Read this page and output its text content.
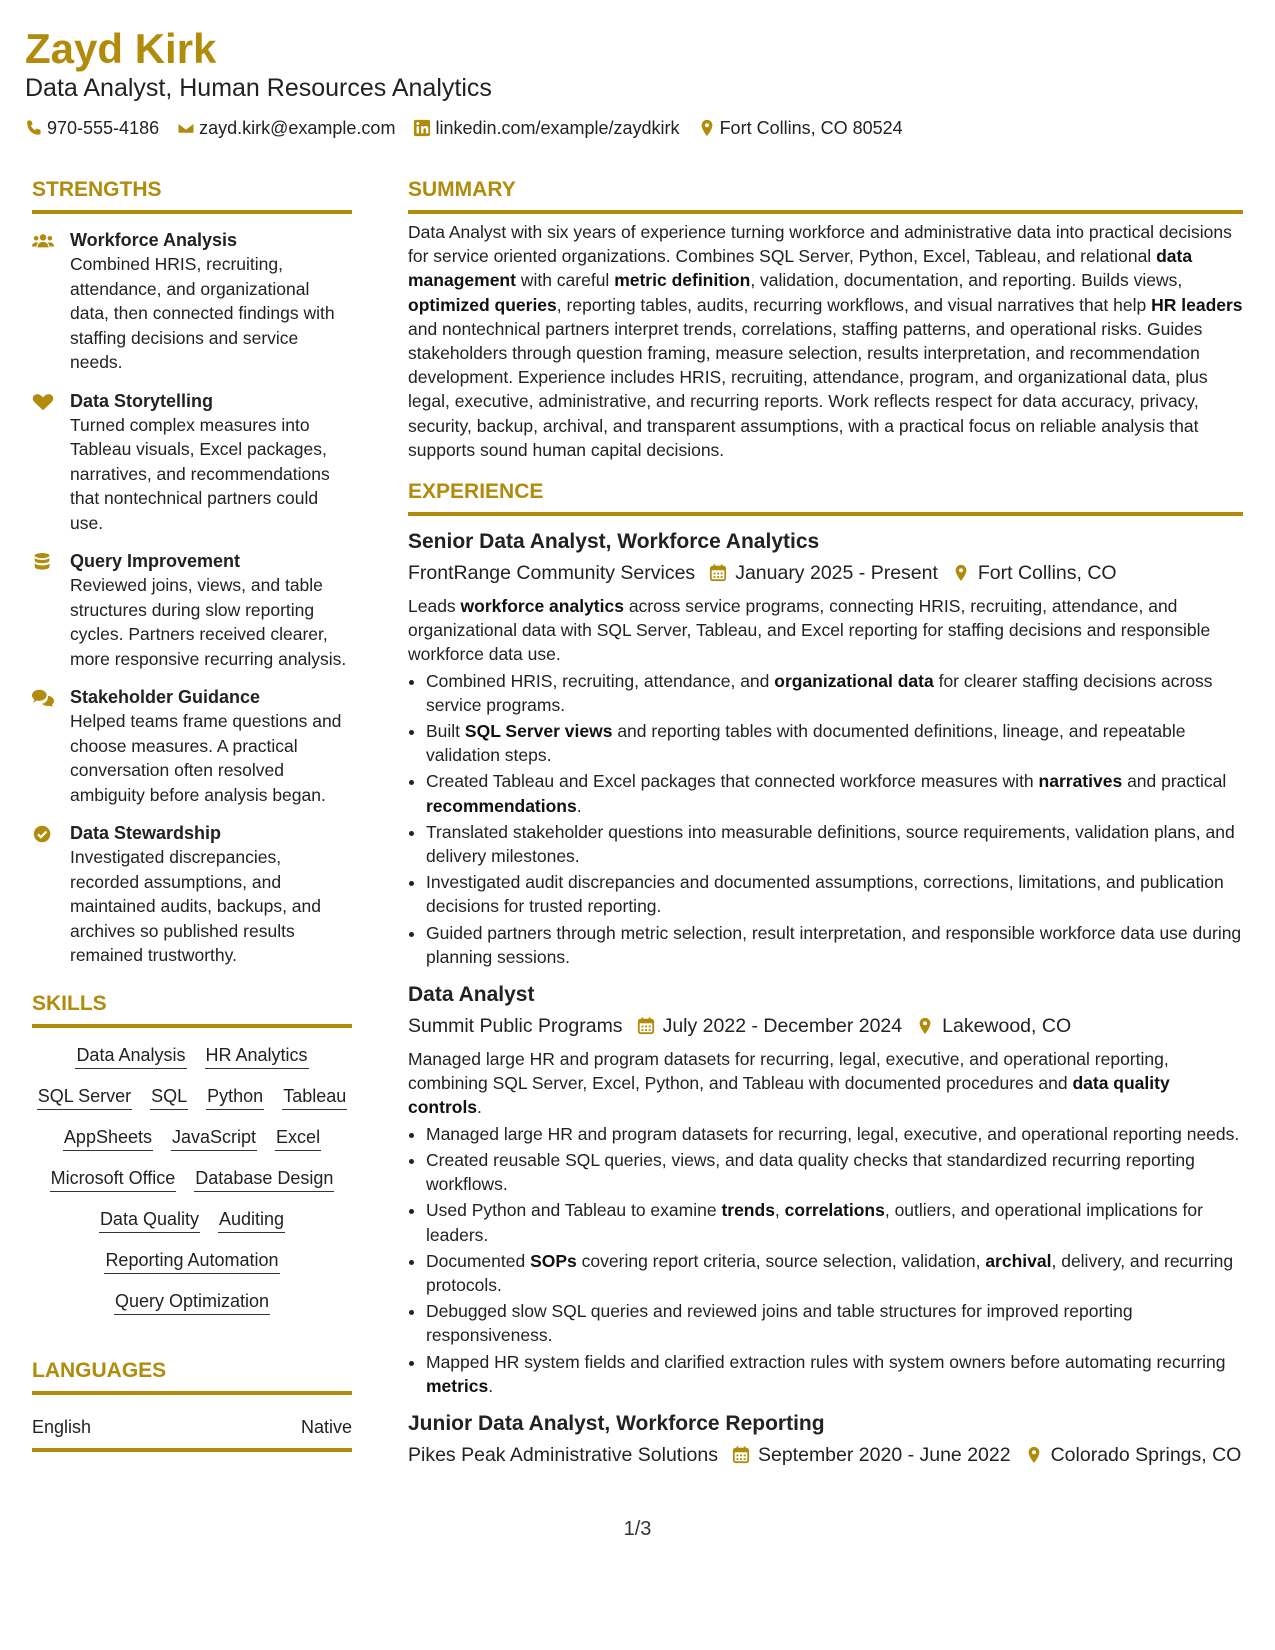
Zayd Kirk
Data Analyst, Human Resources Analytics
970-555-4186 zayd.kirk@example.com linkedin.com/example/zaydkirk Fort Collins, CO 80524
STRENGTHS
Workforce Analysis
Combined HRIS, recruiting, attendance, and organizational data, then connected findings with staffing decisions and service needs.
Data Storytelling
Turned complex measures into Tableau visuals, Excel packages, narratives, and recommendations that nontechnical partners could use.
Query Improvement
Reviewed joins, views, and table structures during slow reporting cycles. Partners received clearer, more responsive recurring analysis.
Stakeholder Guidance
Helped teams frame questions and choose measures. A practical conversation often resolved ambiguity before analysis began.
Data Stewardship
Investigated discrepancies, recorded assumptions, and maintained audits, backups, and archives so published results remained trustworthy.
SKILLS
Data Analysis HR Analytics
SQL Server SQL Python Tableau
AppSheets JavaScript Excel
Microsoft Office Database Design
Data Quality Auditing
Reporting Automation
Query Optimization
LANGUAGES
English	Native
SUMMARY
Data Analyst with six years of experience turning workforce and administrative data into practical decisions for service oriented organizations. Combines SQL Server, Python, Excel, Tableau, and relational data management with careful metric definition, validation, documentation, and reporting. Builds views, optimized queries, reporting tables, audits, recurring workflows, and visual narratives that help HR leaders and nontechnical partners interpret trends, correlations, staffing patterns, and operational risks. Guides stakeholders through question framing, measure selection, results interpretation, and recommendation development. Experience includes HRIS, recruiting, attendance, program, and organizational data, plus legal, executive, administrative, and recurring reports. Work reflects respect for data accuracy, privacy, security, backup, archival, and transparent assumptions, with a practical focus on reliable analysis that supports sound human capital decisions.
EXPERIENCE
Senior Data Analyst, Workforce Analytics
FrontRange Community Services January 2025 - Present Fort Collins, CO
Leads workforce analytics across service programs, connecting HRIS, recruiting, attendance, and organizational data with SQL Server, Tableau, and Excel reporting for staffing decisions and responsible workforce data use.
• Combined HRIS, recruiting, attendance, and organizational data for clearer staffing decisions across service programs.
• Built SQL Server views and reporting tables with documented definitions, lineage, and repeatable validation steps.
• Created Tableau and Excel packages that connected workforce measures with narratives and practical recommendations.
• Translated stakeholder questions into measurable definitions, source requirements, validation plans, and delivery milestones.
• Investigated audit discrepancies and documented assumptions, corrections, limitations, and publication decisions for trusted reporting.
• Guided partners through metric selection, result interpretation, and responsible workforce data use during planning sessions.
Data Analyst
Summit Public Programs July 2022 - December 2024 Lakewood, CO
Managed large HR and program datasets for recurring, legal, executive, and operational reporting, combining SQL Server, Excel, Python, and Tableau with documented procedures and data quality controls.
• Managed large HR and program datasets for recurring, legal, executive, and operational reporting needs.
• Created reusable SQL queries, views, and data quality checks that standardized recurring reporting workflows.
• Used Python and Tableau to examine trends, correlations, outliers, and operational implications for leaders.
• Documented SOPs covering report criteria, source selection, validation, archival, delivery, and recurring protocols.
• Debugged slow SQL queries and reviewed joins and table structures for improved reporting responsiveness.
• Mapped HR system fields and clarified extraction rules with system owners before automating recurring metrics.
Junior Data Analyst, Workforce Reporting
Pikes Peak Administrative Solutions September 2020 - June 2022 Colorado Springs, CO
1/3
